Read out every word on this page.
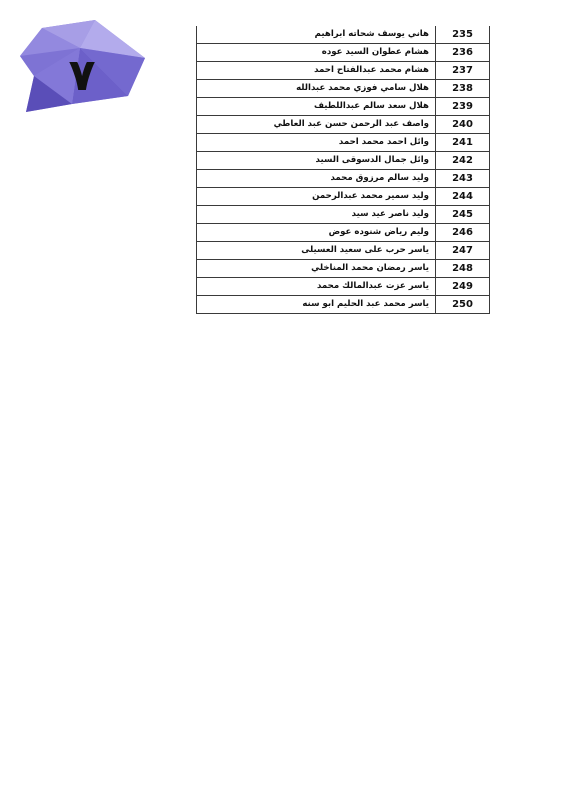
٧
هاني يوسف شحاته ابراهيم	235
هشام عطوان السيد عوده	236
هشام محمد عبدالفتاح احمد	237
هلال سامي فوزي محمد عبدالله	238
هلال سعد سالم عبداللطيف	239
واصف عبد الرحمن حسن عبد العاطي	240
وائل احمد محمد احمد	241
وائل جمال الدسوقى السيد	242
وليد سالم مرزوق محمد	243
وليد سمير محمد عبدالرحمن	244
وليد ناصر عيد سيد	245
وليم رياض شنوده عوض	246
ياسر حرب على سعيد العسيلى	247
ياسر رمضان محمد المناخلي	248
ياسر عزت عبدالمالك محمد	249
ياسر محمد عبد الحليم ابو سنه	250
